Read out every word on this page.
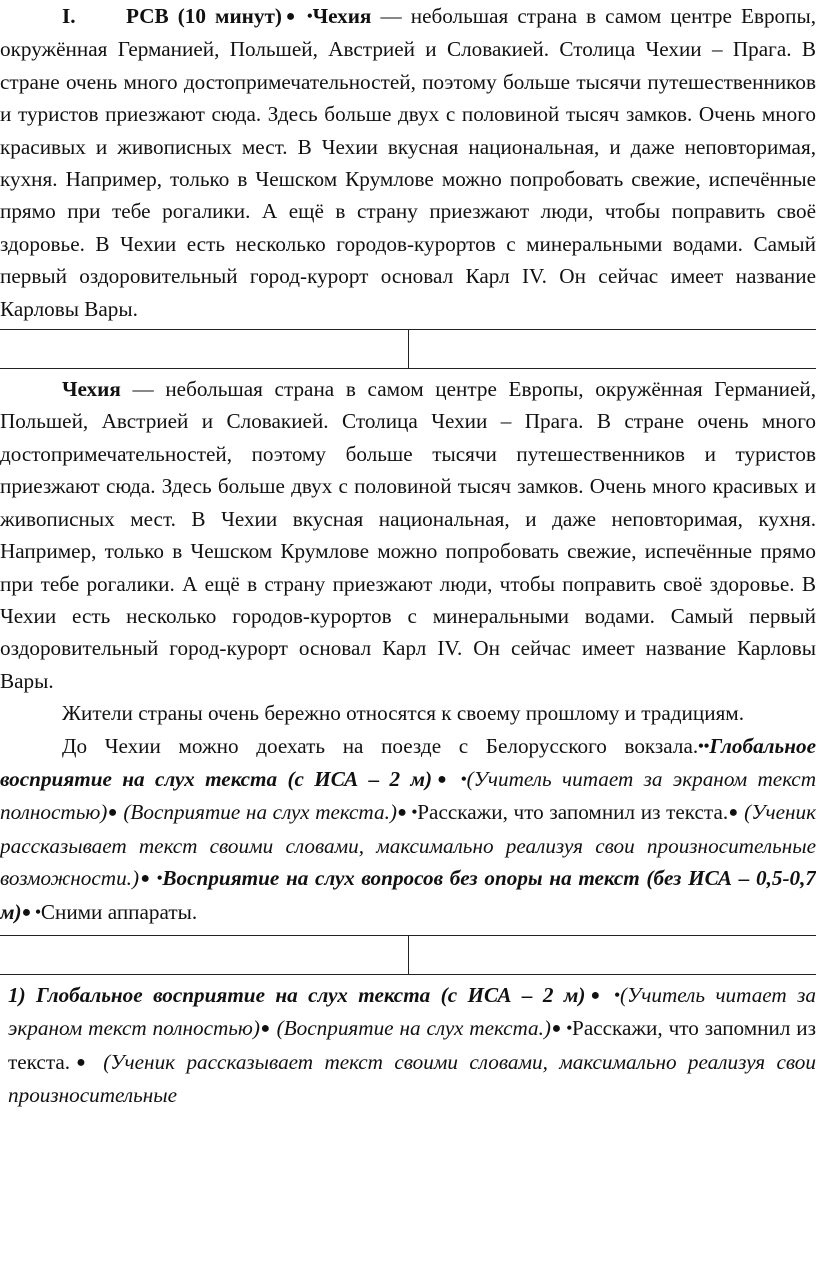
I. РСВ (10 минут)● •Чехия — небольшая страна в самом центре Европы, окружённая Германией, Польшей, Австрией и Словакией. Столица Чехии – Прага. В стране очень много достопримечательностей, поэтому больше тысячи путешественников и туристов приезжают сюда. Здесь больше двух с половиной тысяч замков. Очень много красивых и живописных мест. В Чехии вкусная национальная, и даже неповторимая, кухня. Например, только в Чешском Крумлове можно попробовать свежие, испечённые прямо при тебе рогалики. А ещё в страну приезжают люди, чтобы поправить своё здоровье. В Чехии есть несколько городов-курортов с минеральными водами. Самый первый оздоровительный город-курорт основал Карл IV. Он сейчас имеет название Карловы Вары.

Чехия — небольшая страна в самом центре Европы, окружённая Германией, Польшей, Австрией и Словакией. Столица Чехии – Прага. В стране очень много достопримечательностей, поэтому больше тысячи путешественников и туристов приезжают сюда. Здесь больше двух с половиной тысяч замков. Очень много красивых и живописных мест. В Чехии вкусная национальная, и даже неповторимая, кухня. Например, только в Чешском Крумлове можно попробовать свежие, испечённые прямо при тебе рогалики. А ещё в страну приезжают люди, чтобы поправить своё здоровье. В Чехии есть несколько городов-курортов с минеральными водами. Самый первый оздоровительный город-курорт основал Карл IV. Он сейчас имеет название Карловы Вары.

Жители страны очень бережно относятся к своему прошлому и традициям.

До Чехии можно доехать на поезде с Белорусского вокзала.••Глобальное восприятие на слух текста (с ИСА – 2 м)● •(Учитель читает за экраном текст полностью)● (Восприятие на слух текста.)● •Расскажи, что запомнил из текста.● (Ученик рассказывает текст своими словами, максимально реализуя свои произносительные возможности.)● •Восприятие на слух вопросов без опоры на текст (без ИСА – 0,5-0,7 м)● •Сними аппараты.

1) Глобальное восприятие на слух текста (с ИСА – 2 м)● •(Учитель читает за экраном текст полностью)● (Восприятие на слух текста.)● •Расскажи, что запомнил из текста.● (Ученик рассказывает текст своими словами, максимально реализуя свои произносительные
